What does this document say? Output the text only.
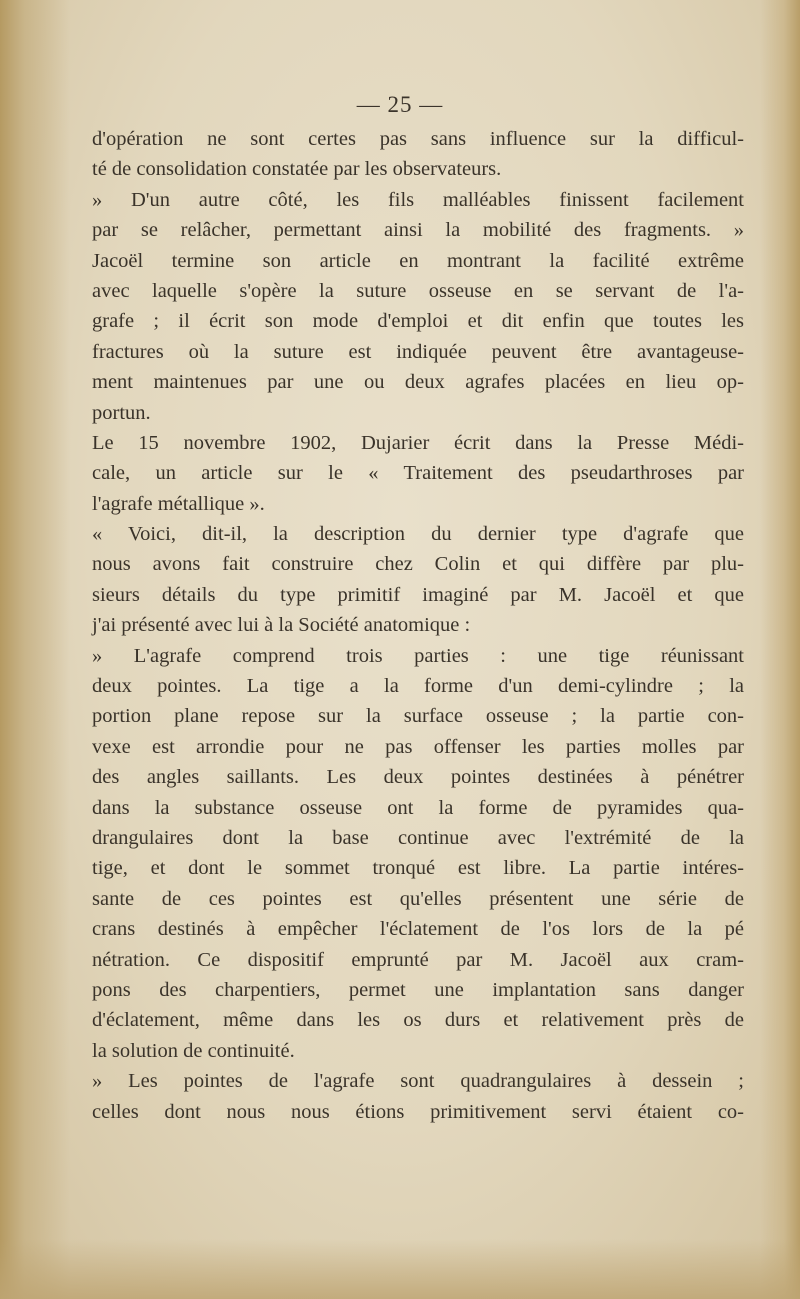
— 25 —
d'opération ne sont certes pas sans influence sur la difficul-
té de consolidation constatée par les observateurs.
» D'un autre côté, les fils malléables finissent facilement
par se relâcher, permettant ainsi la mobilité des fragments. »
Jacoël termine son article en montrant la facilité extrême
avec laquelle s'opère la suture osseuse en se servant de l'a-
grafe ; il écrit son mode d'emploi et dit enfin que toutes les
fractures où la suture est indiquée peuvent être avantageuse-
ment maintenues par une ou deux agrafes placées en lieu op-
portun.
Le 15 novembre 1902, Dujarier écrit dans la Presse Médi-
cale, un article sur le « Traitement des pseudarthroses par
l'agrafe métallique ».
« Voici, dit-il, la description du dernier type d'agrafe que
nous avons fait construire chez Colin et qui diffère par plu-
sieurs détails du type primitif imaginé par M. Jacoël et que
j'ai présenté avec lui à la Société anatomique :
» L'agrafe comprend trois parties : une tige réunissant
deux pointes. La tige a la forme d'un demi-cylindre ; la
portion plane repose sur la surface osseuse ; la partie con-
vexe est arrondie pour ne pas offenser les parties molles par
des angles saillants. Les deux pointes destinées à pénétrer
dans la substance osseuse ont la forme de pyramides qua-
drangulaires dont la base continue avec l'extrémité de la
tige, et dont le sommet tronqué est libre. La partie intéres-
sante de ces pointes est qu'elles présentent une série de
crans destinés à empêcher l'éclatement de l'os lors de la pé
nétration. Ce dispositif emprunté par M. Jacoël aux cram-
pons des charpentiers, permet une implantation sans danger
d'éclatement, même dans les os durs et relativement près de
la solution de continuité.
» Les pointes de l'agrafe sont quadrangulaires à dessein ;
celles dont nous nous étions primitivement servi étaient co-
